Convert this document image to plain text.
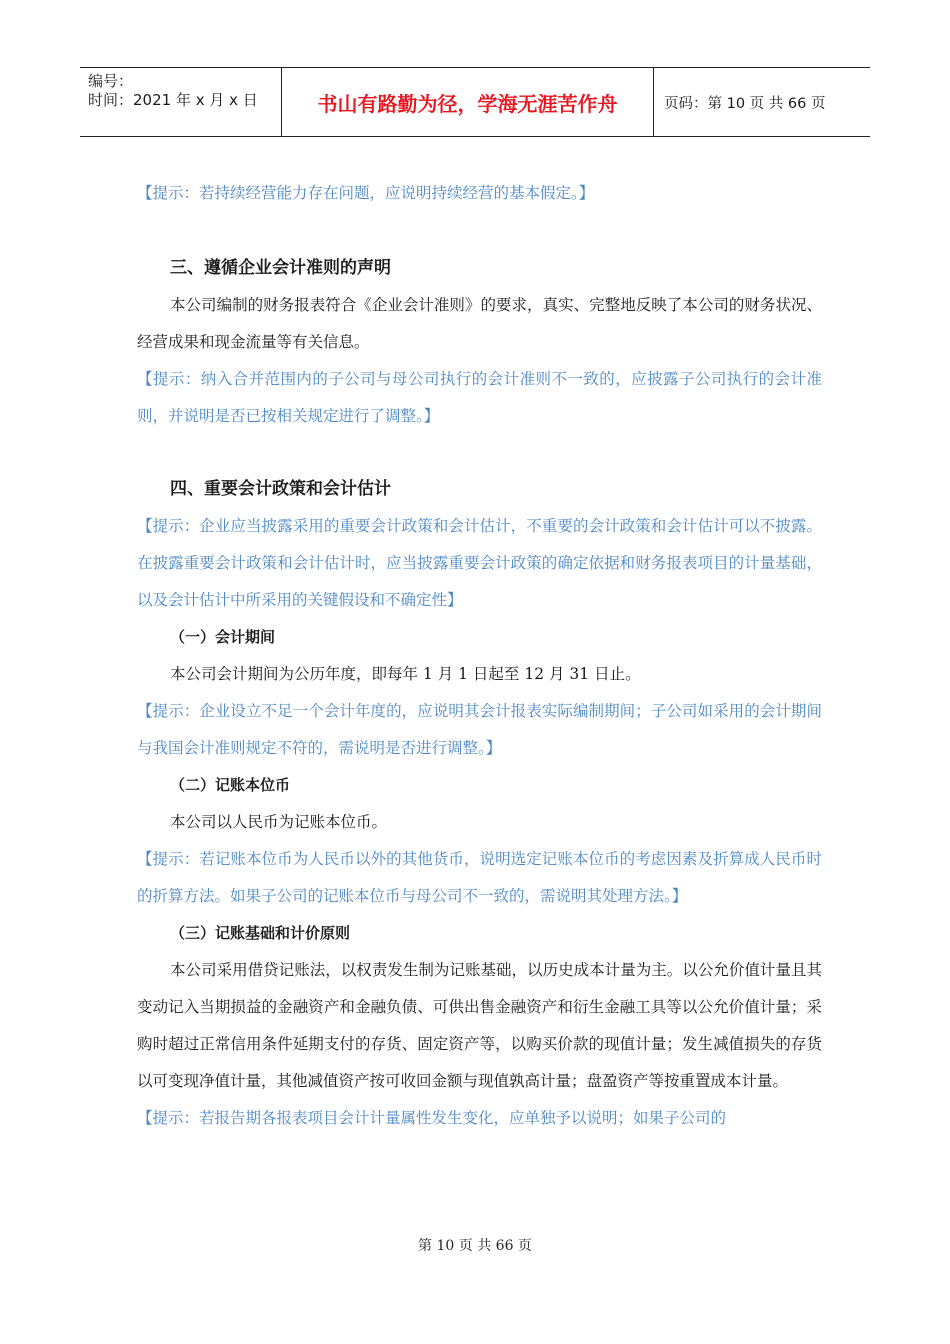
编号：
时间：2021 年 x 月 x 日	书山有路勤为径，学海无涯苦作舟	页码：第 10 页 共 66 页

【提示：若持续经营能力存在问题，应说明持续经营的基本假定。】

三、遵循企业会计准则的声明

本公司编制的财务报表符合《企业会计准则》的要求，真实、完整地反映了本公司的财务状况、经营成果和现金流量等有关信息。

【提示：纳入合并范围内的子公司与母公司执行的会计准则不一致的，应披露子公司执行的会计准则，并说明是否已按相关规定进行了调整。】

四、重要会计政策和会计估计

【提示：企业应当披露采用的重要会计政策和会计估计，不重要的会计政策和会计估计可以不披露。在披露重要会计政策和会计估计时，应当披露重要会计政策的确定依据和财务报表项目的计量基础，以及会计估计中所采用的关键假设和不确定性】

（一）会计期间

本公司会计期间为公历年度，即每年 1 月 1 日起至 12 月 31 日止。

【提示：企业设立不足一个会计年度的，应说明其会计报表实际编制期间；子公司如采用的会计期间与我国会计准则规定不符的，需说明是否进行调整。】

（二）记账本位币

本公司以人民币为记账本位币。

【提示：若记账本位币为人民币以外的其他货币，说明选定记账本位币的考虑因素及折算成人民币时的折算方法。如果子公司的记账本位币与母公司不一致的，需说明其处理方法。】

（三）记账基础和计价原则

本公司采用借贷记账法，以权责发生制为记账基础，以历史成本计量为主。以公允价值计量且其变动记入当期损益的金融资产和金融负债、可供出售金融资产和衍生金融工具等以公允价值计量；采购时超过正常信用条件延期支付的存货、固定资产等，以购买价款的现值计量；发生减值损失的存货以可变现净值计量，其他减值资产按可收回金额与现值孰高计量；盘盈资产等按重置成本计量。

【提示：若报告期各报表项目会计计量属性发生变化，应单独予以说明；如果子公司的

第 10 页 共 66 页
